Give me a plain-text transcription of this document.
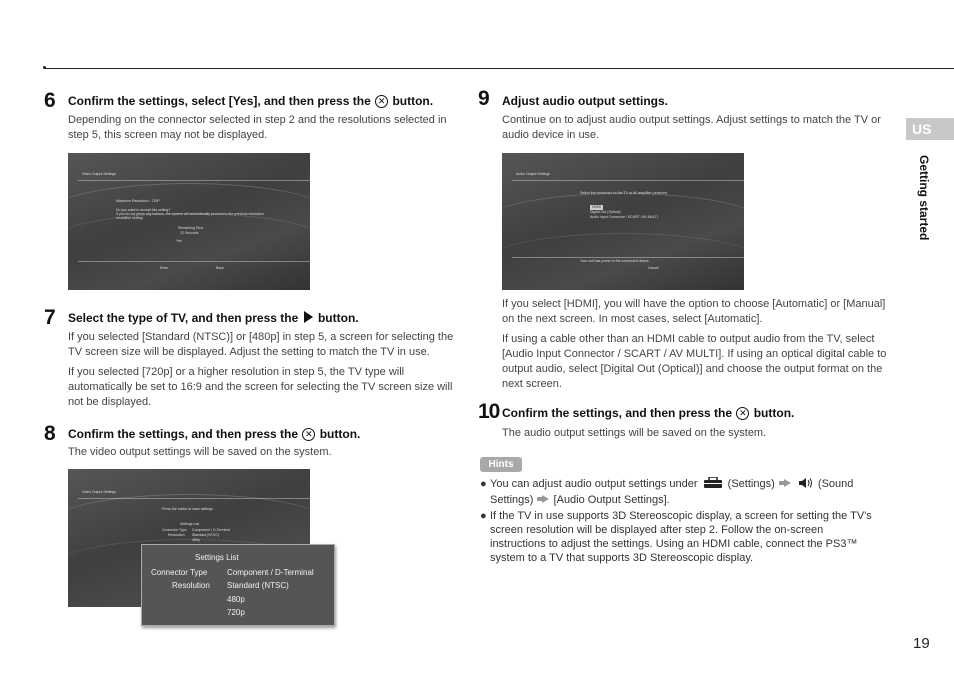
6 Confirm the settings, select [Yes], and then press the ✕ button.

Depending on the connector selected in step 2 and the resolutions selected in step 5, this screen may not be displayed.

Video Output Settings
Maximum Resolution : 720P
Do you want to accept this setting?
If you do not press any buttons, the system will automatically proceed to the previous resolution
resolution setting.
Remaining Time
22 Seconds
Yes
Enter	Back
7 Select the type of TV, and then press the button.

If you selected [Standard (NTSC)] or [480p] in step 5, a screen for selecting the TV screen size will be displayed. Adjust the setting to match the TV in use.

If you selected [720p] or a higher resolution in step 5, the TV type will automatically be set to 16:9 and the screen for selecting the TV screen size will not be displayed.

8 Confirm the settings, and then press the ✕ button.

The video output settings will be saved on the system.

Video Output Settings
Press the button to save settings.
Settings List
Connector Type Component / D-Terminal
Resolution Standard (NTSC)
480p
Settings List
Connector Type Component / D-Terminal
Resolution Standard (NTSC)
480p
720p
9 Adjust audio output settings.

Continue on to adjust audio output settings. Adjust settings to match the TV or audio device in use.

Audio Output Settings
Select the connector on the TV or AV amplifier (receiver).
HDMI
Digital Out (Optical)
Audio Input Connector / SCART / AV MULTI
Your unit has power to the connected device.
Cancel

If you select [HDMI], you will have the option to choose [Automatic] or [Manual] on the next screen. In most cases, select [Automatic].

If using a cable other than an HDMI cable to output audio from the TV, select [Audio Input Connector / SCART / AV MULTI]. If using an optical digital cable to output audio, select [Digital Out (Optical)] and choose the output format on the next screen.

10 Confirm the settings, and then press the ✕ button.

The audio output settings will be saved on the system.

Hints
● You can adjust audio output settings under	(Settings)	(Sound Settings) [Audio Output Settings].
● If the TV in use supports 3D Stereoscopic display, a screen for setting the TV's screen resolution will be displayed after step 2. Follow the on-screen instructions to adjust the settings. Using an HDMI cable, connect the PS3™ system to a TV that supports 3D Stereoscopic display.
US
Getting started
19
